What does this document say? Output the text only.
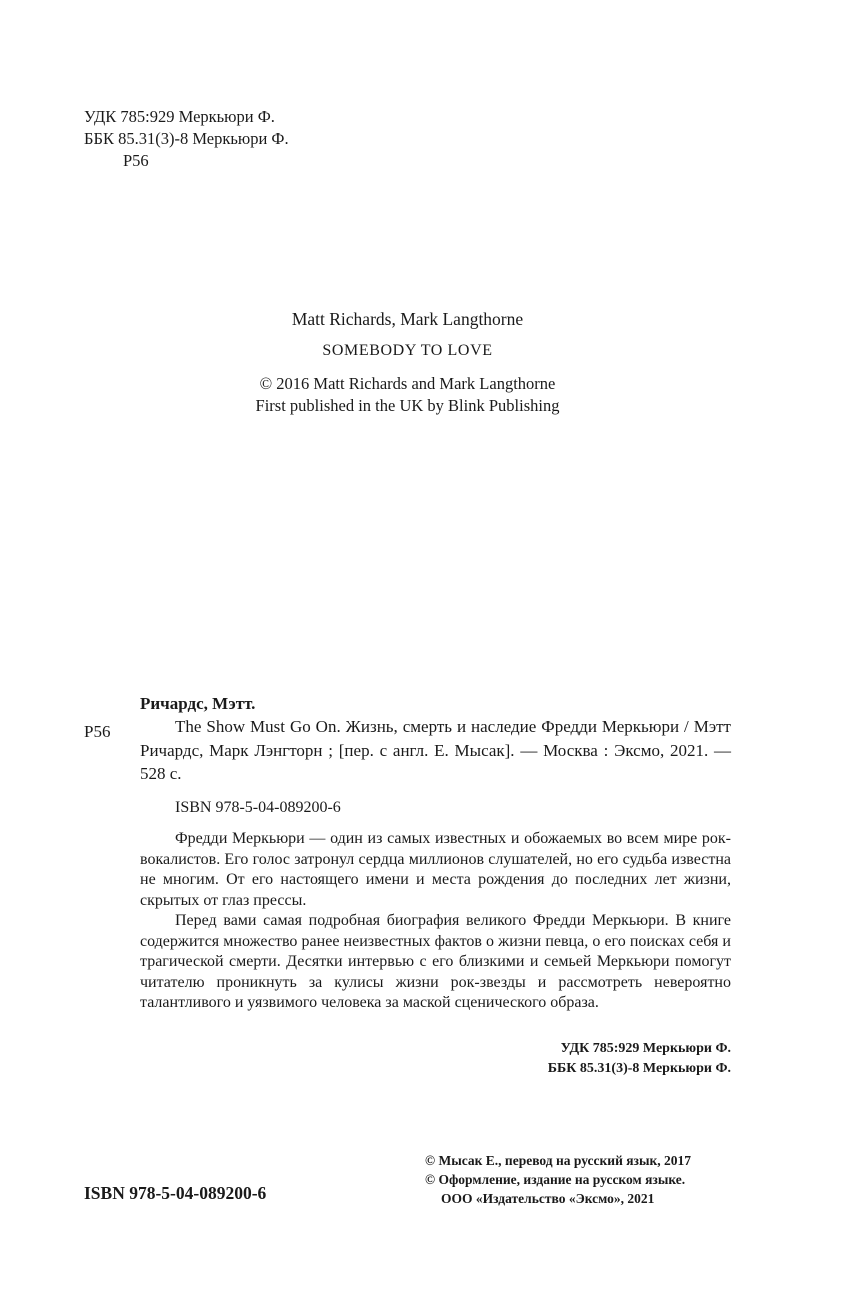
УДК 785:929 Меркьюри Ф.
ББК 85.31(3)-8 Меркьюри Ф.
Р56
Matt Richards, Mark Langthorne
SOMEBODY TO LOVE
© 2016 Matt Richards and Mark Langthorne
First published in the UK by Blink Publishing
Ричардс, Мэтт.
Р56	The Show Must Go On. Жизнь, смерть и наследие Фредди Меркьюри / Мэтт Ричардс, Марк Лэнгторн ; [пер. с англ. Е. Мысак]. — Москва : Эксмо, 2021. — 528 с.
ISBN 978-5-04-089200-6

Фредди Меркьюри — один из самых известных и обожаемых во всем мире рок-вокалистов. Его голос затронул сердца миллионов слушателей, но его судьба известна не многим. От его настоящего имени и места рождения до последних лет жизни, скрытых от глаз прессы.

Перед вами самая подробная биография великого Фредди Меркьюри. В книге содержится множество ранее неизвестных фактов о жизни певца, о его поисках себя и трагической смерти. Десятки интервью с его близкими и семьей Меркьюри помогут читателю проникнуть за кулисы жизни рок-звезды и рассмотреть невероятно талантливого и уязвимого человека за маской сценического образа.

УДК 785:929 Меркьюри Ф.
ББК 85.31(3)-8 Меркьюри Ф.
ISBN 978-5-04-089200-6
© Мысак Е., перевод на русский язык, 2017
© Оформление, издание на русском языке.
ООО «Издательство «Эксмо», 2021
